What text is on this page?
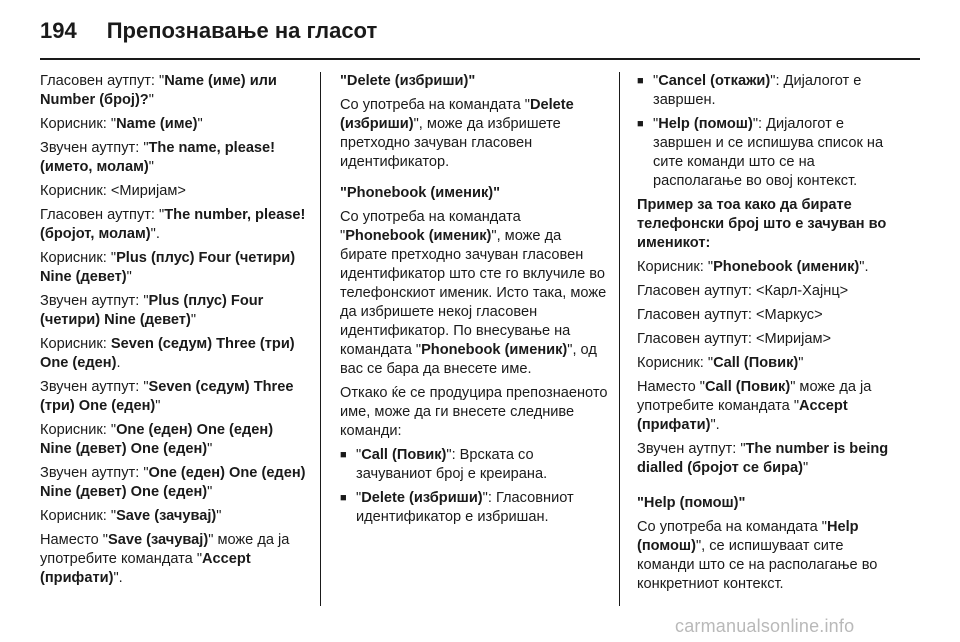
194 Препознавање на гласот

Гласовен аутпут: "Name (име) или Number (број)?"

Корисник: "Name (име)"

Звучен аутпут: "The name, please! (името, молам)"

Корисник: <Миријам>

Гласовен аутпут: "The number, please! (бројот, молам)".

Корисник: "Plus (плус) Four (четири) Nine (девет)"

Звучен аутпут: "Plus (плус) Four (четири) Nine (девет)"

Корисник: Seven (седум) Three (три) One (еден).

Звучен аутпут: "Seven (седум) Three (три) One (еден)"

Корисник: "One (еден) One (еден) Nine (девет) One (еден)"

Звучен аутпут: "One (еден) One (еден) Nine (девет) One (еден)"

Корисник: "Save (зачувај)"

Наместо "Save (зачувај)" може да ја употребите командата "Accept (прифати)".

"Delete (избриши)"

Со употреба на командата "Delete (избриши)", може да избришете претходно зачуван гласовен идентификатор.

"Phonebook (именик)"

Со употреба на командата "Phonebook (именик)", може да бирате претходно зачуван гласовен идентификатор што сте го вклучиле во телефонскиот именик. Исто така, може да избришете некој гласовен идентификатор. По внесување на командата "Phonebook (именик)", од вас се бара да внесете име.

Откако ќе се продуцира препознаеното име, може да ги внесете следниве команди:

■ "Call (Повик)": Врската со зачуваниот број е креирана.
■ "Delete (избриши)": Гласовниот идентификатор е избришан.
■ "Cancel (откажи)": Дијалогот е завршен.
■ "Help (помош)": Дијалогот е завршен и се испишува список на сите команди што се на располагање во овој контекст.

Пример за тоа како да бирате телефонски број што е зачуван во именикот:

Корисник: "Phonebook (именик)".

Гласовен аутпут: <Карл-Хајнц>

Гласовен аутпут: <Маркус>

Гласовен аутпут: <Миријам>

Корисник: "Call (Повик)"

Наместо "Call (Повик)" може да ја употребите командата "Accept (прифати)".

Звучен аутпут: "The number is being dialled (бројот се бира)"

"Help (помош)"

Со употреба на командата "Help (помош)", се испишуваат сите команди што се на располагање во конкретниот контекст.

carmanualsonline.info
